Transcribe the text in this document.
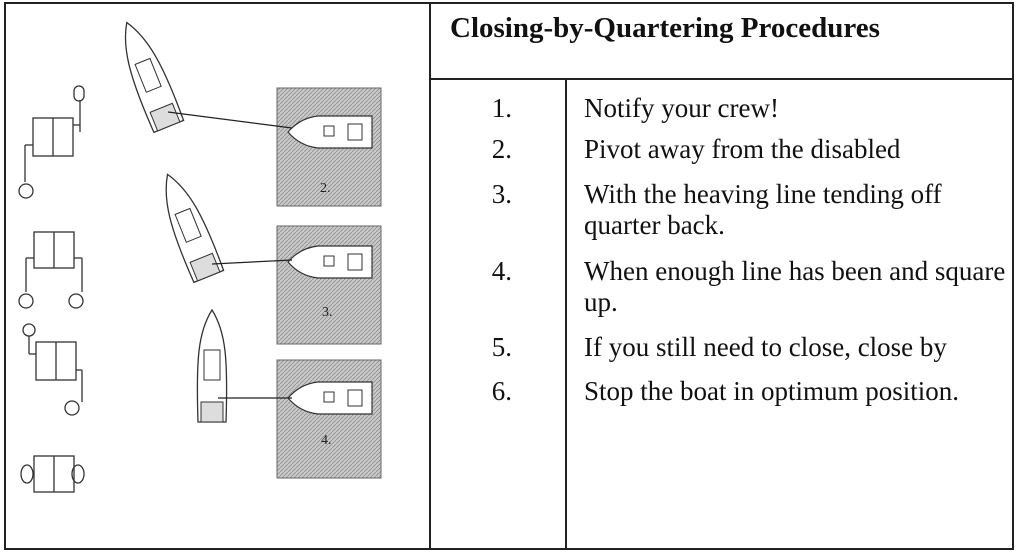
Closing-by-Quartering Procedures
1.	Notify your crew!
2.	Pivot away from the disabled
3.	With the heaving line tending off quarter back.
4.	When enough line has been and square up.
5.	If you still need to close, close by
6.	Stop the boat in optimum position.
2.
3.
4.
